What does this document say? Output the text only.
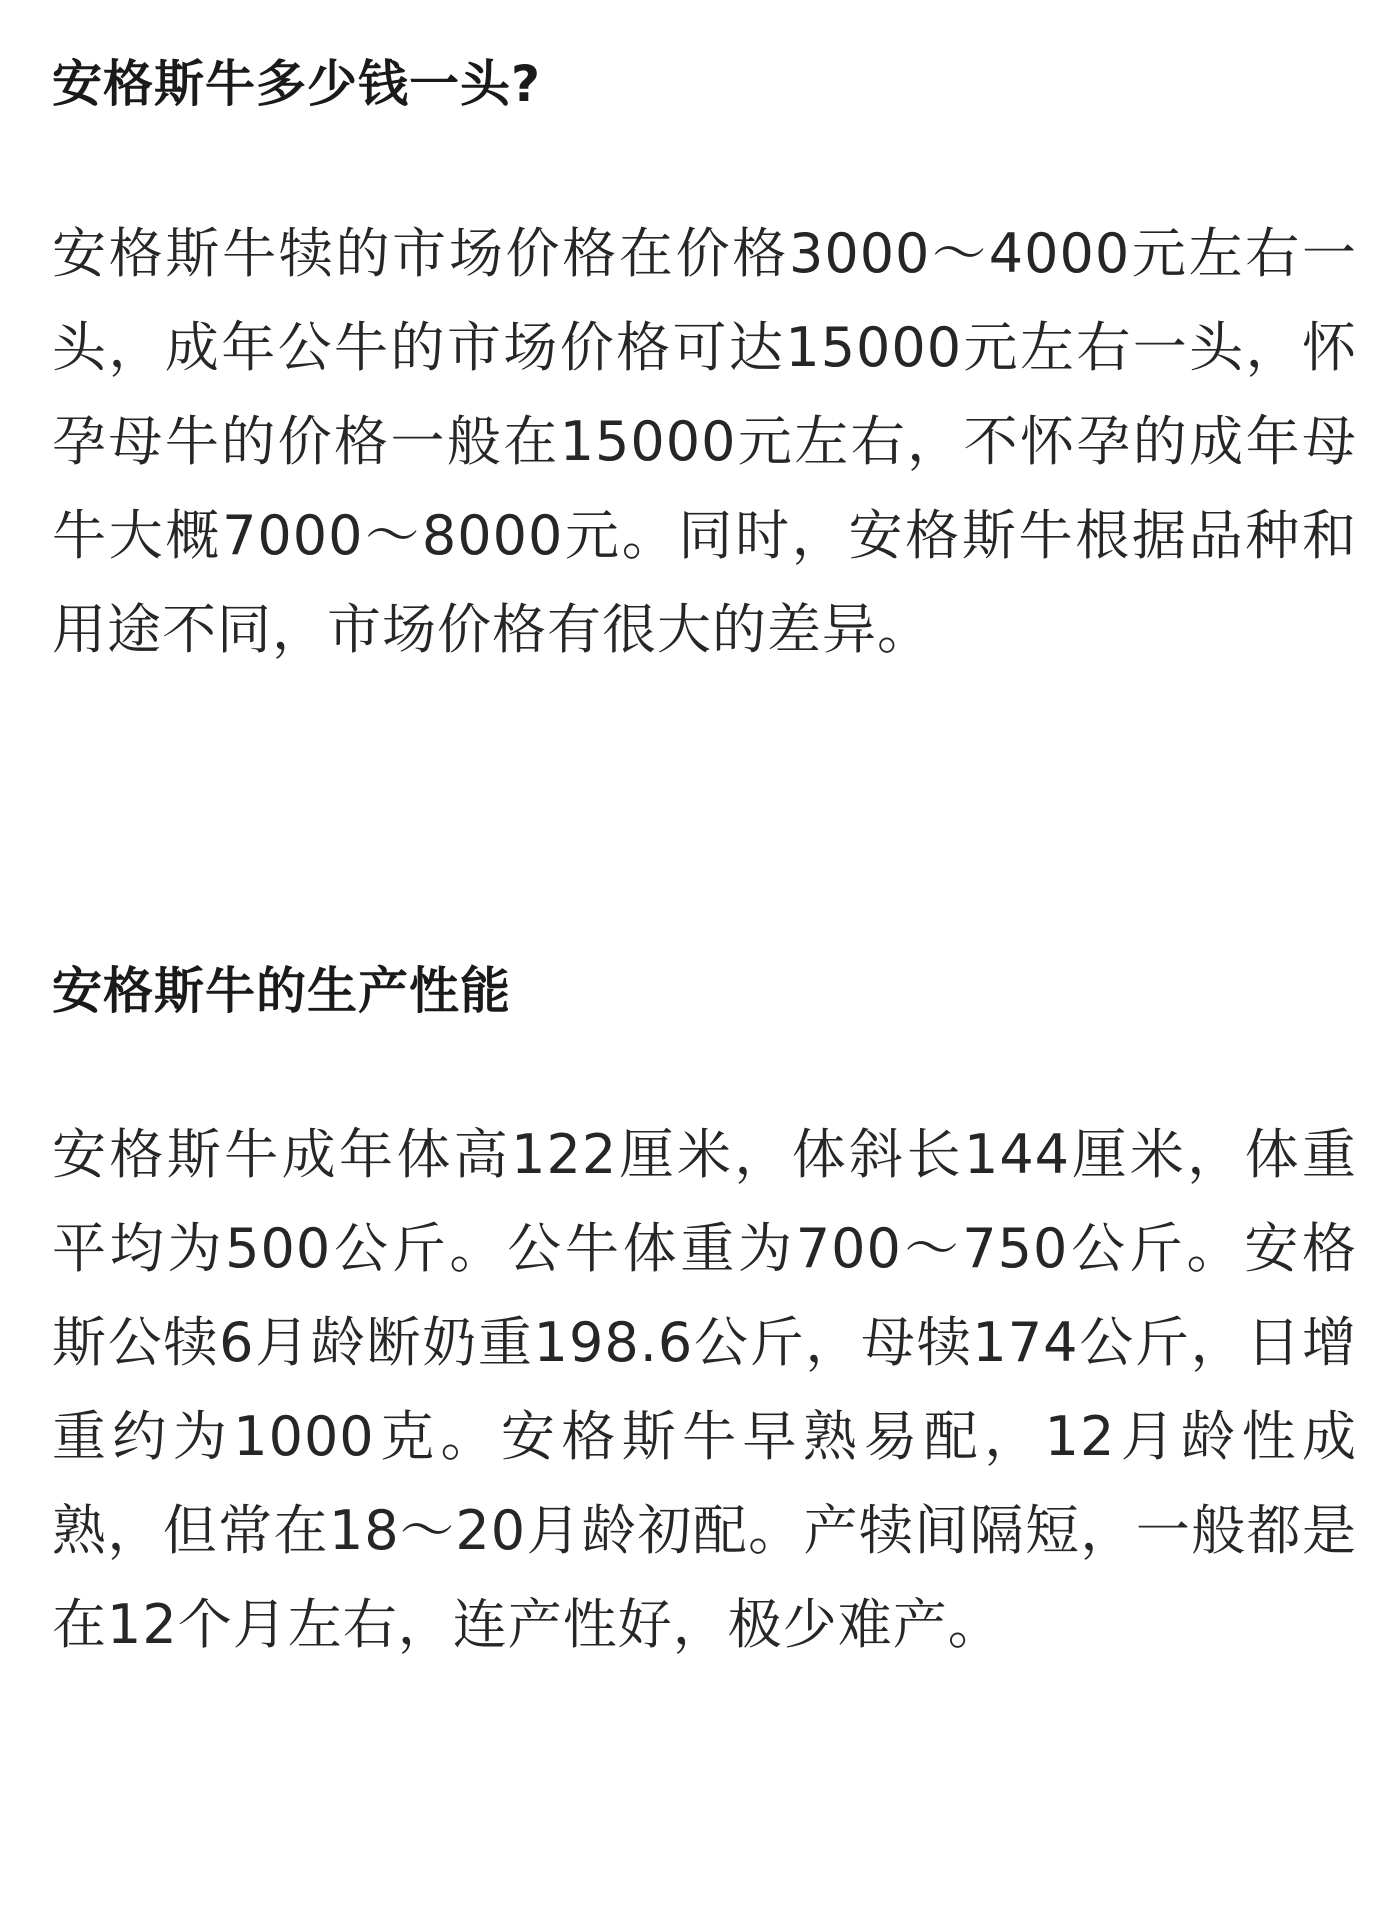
安格斯牛多少钱一头?

安格斯牛犊的市场价格在价格3000～4000元左右一头，成年公牛的市场价格可达15000元左右一头，怀孕母牛的价格一般在15000元左右，不怀孕的成年母牛大概7000～8000元。同时，安格斯牛根据品种和用途不同，市场价格有很大的差异。

安格斯牛的生产性能

安格斯牛成年体高122厘米，体斜长144厘米，体重平均为500公斤。公牛体重为700～750公斤。安格斯公犊6月龄断奶重198.6公斤，母犊174公斤，日增重约为1000克。安格斯牛早熟易配，12月龄性成熟，但常在18～20月龄初配。产犊间隔短，一般都是在12个月左右，连产性好，极少难产。
